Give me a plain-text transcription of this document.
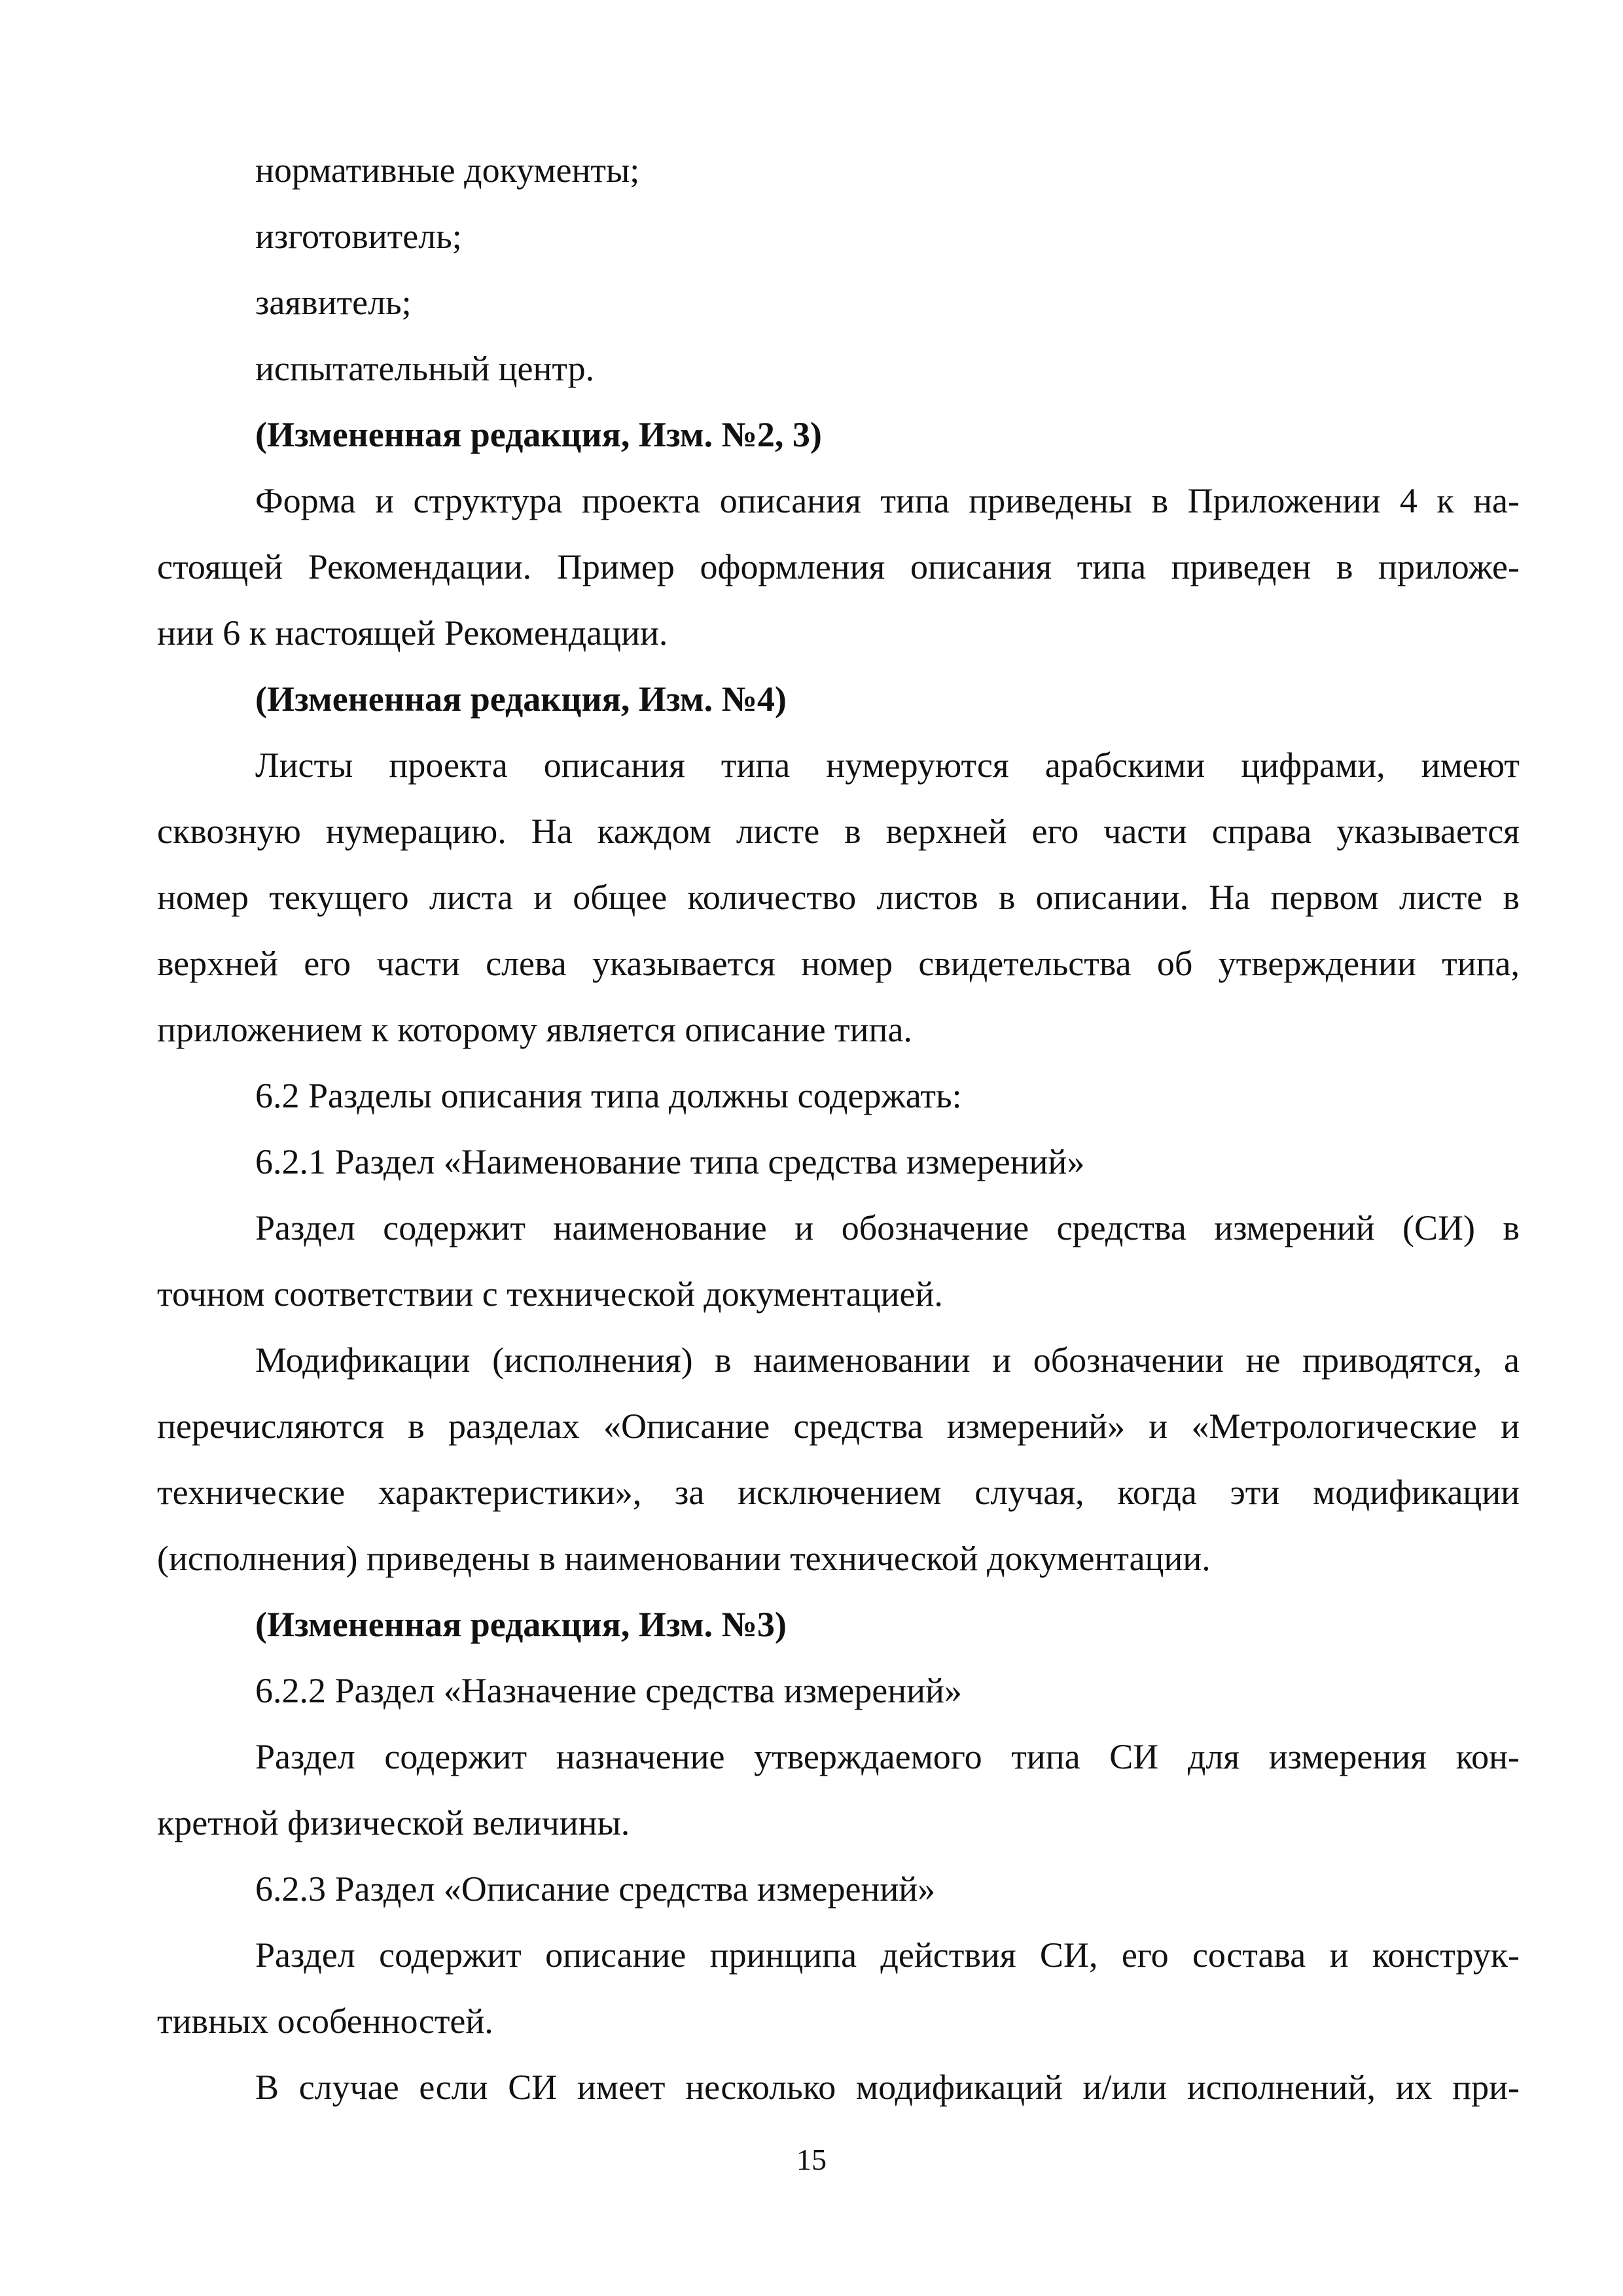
нормативные документы;

изготовитель;

заявитель;

испытательный центр.

(Измененная редакция, Изм. №2, 3)

Форма и структура проекта описания типа приведены в Приложении 4 к на-

стоящей Рекомендации. Пример оформления описания типа приведен в приложе-

нии 6 к настоящей Рекомендации.

(Измененная редакция, Изм. №4)

Листы проекта описания типа нумеруются арабскими цифрами, имеют

сквозную нумерацию. На каждом листе в верхней его части справа указывается

номер текущего листа и общее количество листов в описании. На первом листе в

верхней его части слева указывается номер свидетельства об утверждении типа,

приложением к которому является описание типа.

6.2 Разделы описания типа должны содержать:

6.2.1 Раздел «Наименование типа средства измерений»

Раздел содержит наименование и обозначение средства измерений (СИ) в

точном соответствии с технической документацией.

Модификации (исполнения) в наименовании и обозначении не приводятся, а

перечисляются в разделах «Описание средства измерений» и «Метрологические и

технические характеристики», за исключением случая, когда эти модификации

(исполнения) приведены в наименовании технической документации.

(Измененная редакция, Изм. №3)

6.2.2 Раздел «Назначение средства измерений»

Раздел содержит назначение утверждаемого типа СИ для измерения кон-

кретной физической величины.

6.2.3 Раздел «Описание средства измерений»

Раздел содержит описание принципа действия СИ, его состава и конструк-

тивных особенностей.

В случае если СИ имеет несколько модификаций и/или исполнений, их при-

15
